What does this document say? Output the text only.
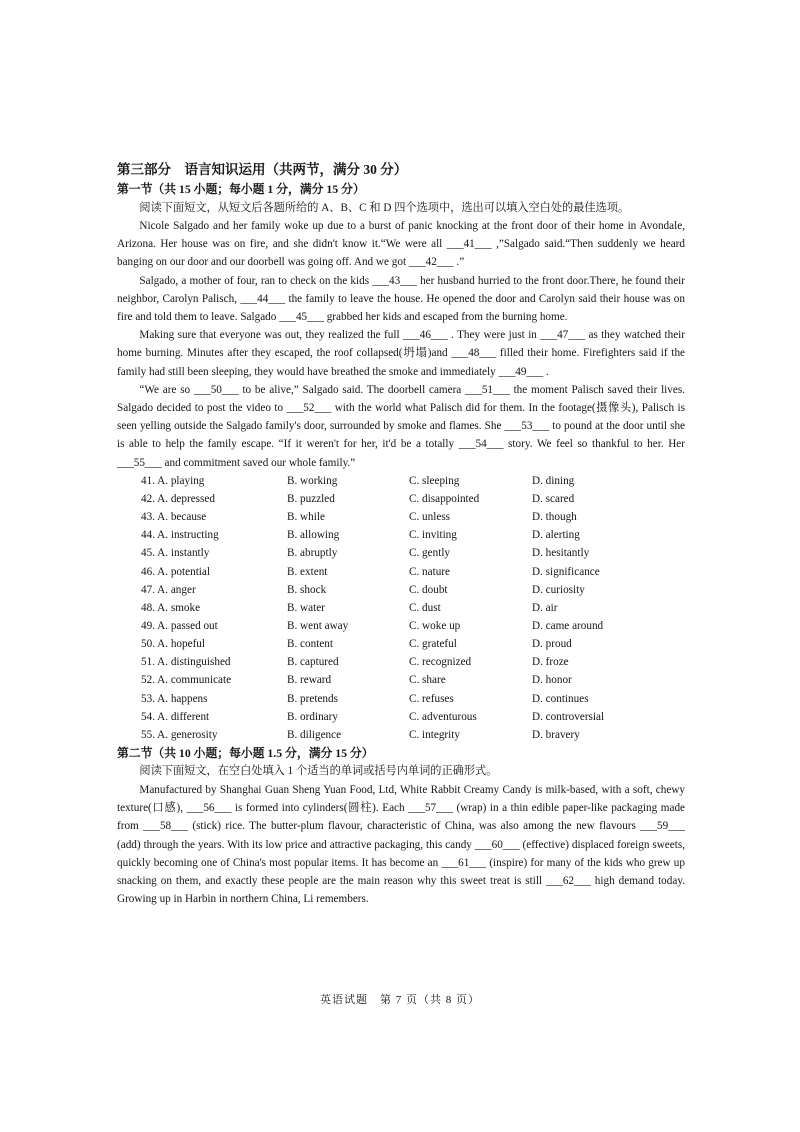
第三部分　语言知识运用（共两节，满分 30 分）
第一节（共 15 小题；每小题 1 分，满分 15 分）
阅读下面短文，从短文后各题所给的 A、B、C 和 D 四个选项中，选出可以填入空白处的最佳选项。

Nicole Salgado and her family woke up due to a burst of panic knocking at the front door of their home in Avondale, Arizona. Her house was on fire, and she didn't know it.“We were all ___41___ ,”Salgado said.“Then suddenly we heard banging on our door and our doorbell was going off. And we got ___42___ .”

Salgado, a mother of four, ran to check on the kids ___43___ her husband hurried to the front door.There, he found their neighbor, Carolyn Palisch, ___44___ the family to leave the house. He opened the door and Carolyn said their house was on fire and told them to leave. Salgado ___45___ grabbed her kids and escaped from the burning home.

Making sure that everyone was out, they realized the full ___46___ . They were just in ___47___ as they watched their home burning. Minutes after they escaped, the roof collapsed(坍塌)and ___48___ filled their home. Firefighters said if the family had still been sleeping, they would have breathed the smoke and immediately ___49___ .

“We are so ___50___ to be alive,” Salgado said. The doorbell camera ___51___ the moment Palisch saved their lives. Salgado decided to post the video to ___52___ with the world what Palisch did for them. In the footage(摄像头), Palisch is seen yelling outside the Salgado family's door, surrounded by smoke and flames. She ___53___ to pound at the door until she is able to help the family escape. “If it weren't for her, it'd be a totally ___54___ story. We feel so thankful to her. Her ___55___ and commitment saved our whole family.”

41. A. playing	B. working	C. sleeping	D. dining
42. A. depressed	B. puzzled	C. disappointed	D. scared
43. A. because	B. while	C. unless	D. though
44. A. instructing	B. allowing	C. inviting	D. alerting
45. A. instantly	B. abruptly	C. gently	D. hesitantly
46. A. potential	B. extent	C. nature	D. significance
47. A. anger	B. shock	C. doubt	D. curiosity
48. A. smoke	B. water	C. dust	D. air
49. A. passed out	B. went away	C. woke up	D. came around
50. A. hopeful	B. content	C. grateful	D. proud
51. A. distinguished	B. captured	C. recognized	D. froze
52. A. communicate	B. reward	C. share	D. honor
53. A. happens	B. pretends	C. refuses	D. continues
54. A. different	B. ordinary	C. adventurous	D. controversial
55. A. generosity	B. diligence	C. integrity	D. bravery
第二节（共 10 小题；每小题 1.5 分，满分 15 分）
阅读下面短文，在空白处填入 1 个适当的单词或括号内单词的正确形式。

Manufactured by Shanghai Guan Sheng Yuan Food, Ltd, White Rabbit Creamy Candy is milk-based, with a soft, chewy texture(口感), ___56___ is formed into cylinders(圆柱). Each ___57___ (wrap) in a thin edible paper-like packaging made from ___58___ (stick) rice. The butter-plum flavour, characteristic of China, was also among the new flavours ___59___ (add) through the years. With its low price and attractive packaging, this candy ___60___ (effective) displaced foreign sweets, quickly becoming one of China's most popular items. It has become an ___61___ (inspire) for many of the kids who grew up snacking on them, and exactly these people are the main reason why this sweet treat is still ___62___ high demand today. Growing up in Harbin in northern China, Li remembers.

英语试题　第 7 页（共 8 页）
